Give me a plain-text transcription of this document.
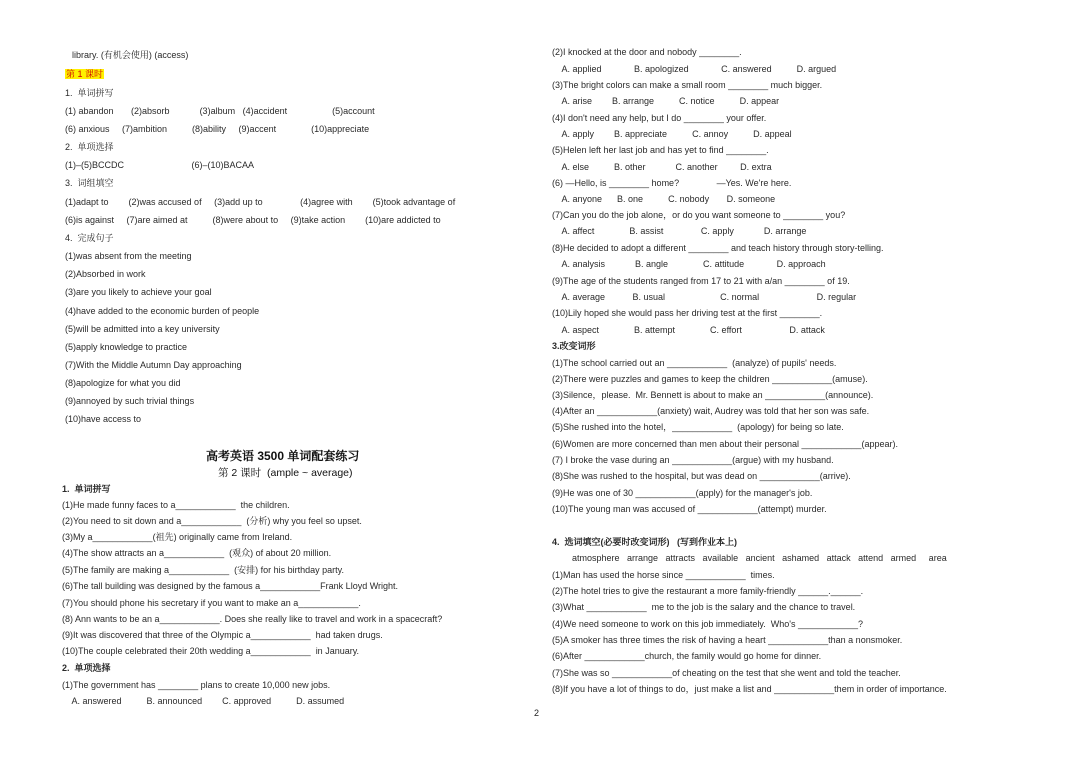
library. (有机会使用) (access)
第 1 课时
1.  单词拼写
(1) abandon       (2)absorb            (3)album   (4)accident                  (5)account
(6) anxious     (7)ambition          (8)ability     (9)accent              (10)appreciate
2.  单项选择
(1)–(5)BCCDC                           (6)–(10)BACAA
3.  词组填空
(1)adapt to        (2)was accused of     (3)add up to               (4)agree with        (5)took advantage of
(6)is against     (7)are aimed at          (8)were about to     (9)take action        (10)are addicted to
4.  完成句子
(1)was absent from the meeting
(2)Absorbed in work
(3)are you likely to achieve your goal
(4)have added to the economic burden of people
(5)will be admitted into a key university
(5)apply knowledge to practice
(7)With the Middle Autumn Day approaching
(8)apologize for what you did
(9)annoyed by such trivial things
(10)have access to
高考英语 3500 单词配套练习
第 2 课时  (ample ~ average)
1.  单词拼写
(1)He made funny faces to a____________  the children.
(2)You need to sit down and a____________  (分析) why you feel so upset.
(3)My a____________(祖先) originally came from Ireland.
(4)The show attracts an a____________  (观众) of about 20 million.
(5)The family are making a____________  (安排) for his birthday party.
(6)The tall building was designed by the famous a____________Frank Lloyd Wright.
(7)You should phone his secretary if you want to make an a____________.
(8) Ann wants to be an a____________. Does she really like to travel and work in a spacecraft?
(9)It was discovered that three of the Olympic a____________  had taken drugs.
(10)The couple celebrated their 20th wedding a____________  in January.
2.  单项选择
(1)The government has ________ plans to create 10,000 new jobs.
A. answered          B. announced        C. approved          D. assumed
(2)I knocked at the door and nobody ________.
A. applied             B. apologized             C. answered          D. argued
(3)The bright colors can make a small room ________ much bigger.
A. arise        B. arrange          C. notice          D. appear
(4)I don't need any help, but I do ________ your offer.
A. apply        B. appreciate          C. annoy          D. appeal
(5)Helen left her last job and has yet to find ________.
A. else          B. other            C. another         D. extra
(6) —Hello, is ________ home?               —Yes. We're here.
A. anyone      B. one          C. nobody       D. someone
(7)Can you do the job alone，or do you want someone to ________ you?
A. affect              B. assist               C. apply            D. arrange
(8)He decided to adopt a different ________ and teach history through story-telling.
A. analysis            B. angle              C. attitude             D. approach
(9)The age of the students ranged from 17 to 21 with a/an ________ of 19.
A. average           B. usual                      C. normal                       D. regular
(10)Lily hoped she would pass her driving test at the first ________.
A. aspect              B. attempt              C. effort                   D. attack
3.改变词形
(1)The school carried out an ____________  (analyze) of pupils' needs.
(2)There were puzzles and games to keep the children ____________(amuse).
(3)Silence，please.  Mr. Bennett is about to make an ____________(announce).
(4)After an ____________(anxiety) wait, Audrey was told that her son was safe.
(5)She rushed into the hotel，____________  (apology) for being so late.
(6)Women are more concerned than men about their personal ____________(appear).
(7) I broke the vase during an ____________(argue) with my husband.
(8)She was rushed to the hospital, but was dead on ____________(arrive).
(9)He was one of 30 ____________(apply) for the manager's job.
(10)The young man was accused of ____________(attempt) murder.
4.  选词填空(必要时改变词形)   (写到作业本上)
atmosphere   arrange   attracts   available   ancient   ashamed   attack   attend   armed     area
(1)Man has used the horse since ____________  times.
(2)The hotel tries to give the restaurant a more family-friendly ______.______.
(3)What ____________  me to the job is the salary and the chance to travel.
(4)We need someone to work on this job immediately.  Who's ____________?
(5)A smoker has three times the risk of having a heart ____________than a nonsmoker.
(6)After ____________church, the family would go home for dinner.
(7)She was so ____________of cheating on the test that she went and told the teacher.
(8)If you have a lot of things to do，just make a list and ____________them in order of importance.
2
